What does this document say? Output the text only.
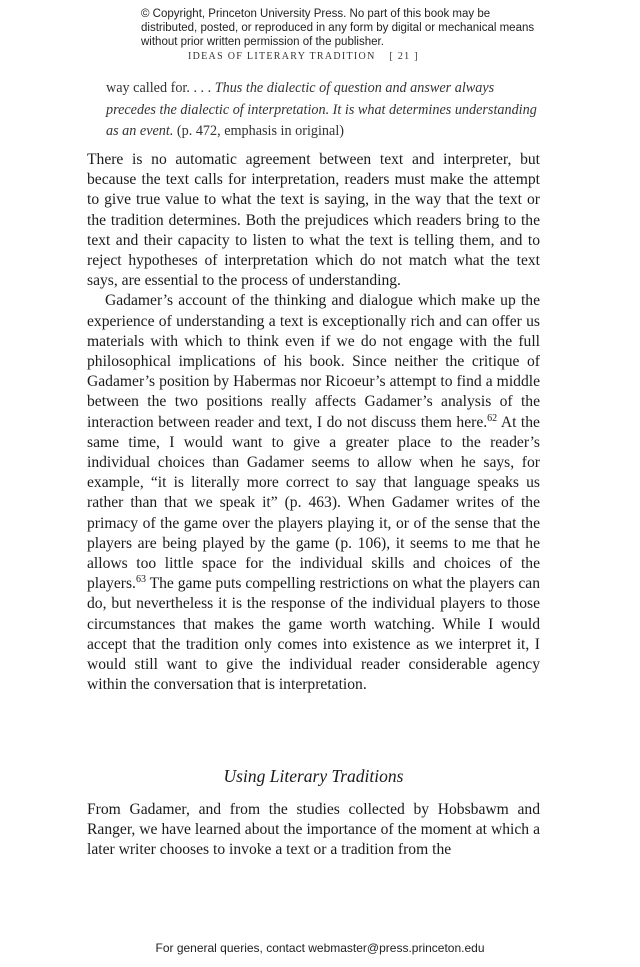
© Copyright, Princeton University Press. No part of this book may be distributed, posted, or reproduced in any form by digital or mechanical means without prior written permission of the publisher.
IDEAS OF LITERARY TRADITION [ 21 ]
way called for. . . . Thus the dialectic of question and answer always precedes the dialectic of interpretation. It is what determines understanding as an event. (p. 472, emphasis in original)

There is no automatic agreement between text and interpreter, but because the text calls for interpretation, readers must make the attempt to give true value to what the text is saying, in the way that the text or the tradition determines. Both the prejudices which readers bring to the text and their capacity to listen to what the text is telling them, and to reject hypotheses of interpretation which do not match what the text says, are essential to the process of understanding.

Gadamer’s account of the thinking and dialogue which make up the experience of understanding a text is exceptionally rich and can offer us materials with which to think even if we do not engage with the full philosophical implications of his book. Since neither the critique of Gadamer’s position by Habermas nor Ricoeur’s attempt to find a middle between the two positions really affects Gadamer’s analysis of the interaction between reader and text, I do not discuss them here.$^{62}$ At the same time, I would want to give a greater place to the reader’s individual choices than Gadamer seems to allow when he says, for example, “it is literally more correct to say that language speaks us rather than that we speak it” (p. 463). When Gadamer writes of the primacy of the game over the players playing it, or of the sense that the players are being played by the game (p. 106), it seems to me that he allows too little space for the individual skills and choices of the players.$^{63}$ The game puts compelling restrictions on what the players can do, but nevertheless it is the response of the individual players to those circumstances that makes the game worth watching. While I would accept that the tradition only comes into existence as we interpret it, I would still want to give the individual reader considerable agency within the conversation that is interpretation.

Using Literary Traditions

From Gadamer, and from the studies collected by Hobsbawm and Ranger, we have learned about the importance of the moment at which a later writer chooses to invoke a text or a tradition from the

For general queries, contact webmaster@press.princeton.edu
